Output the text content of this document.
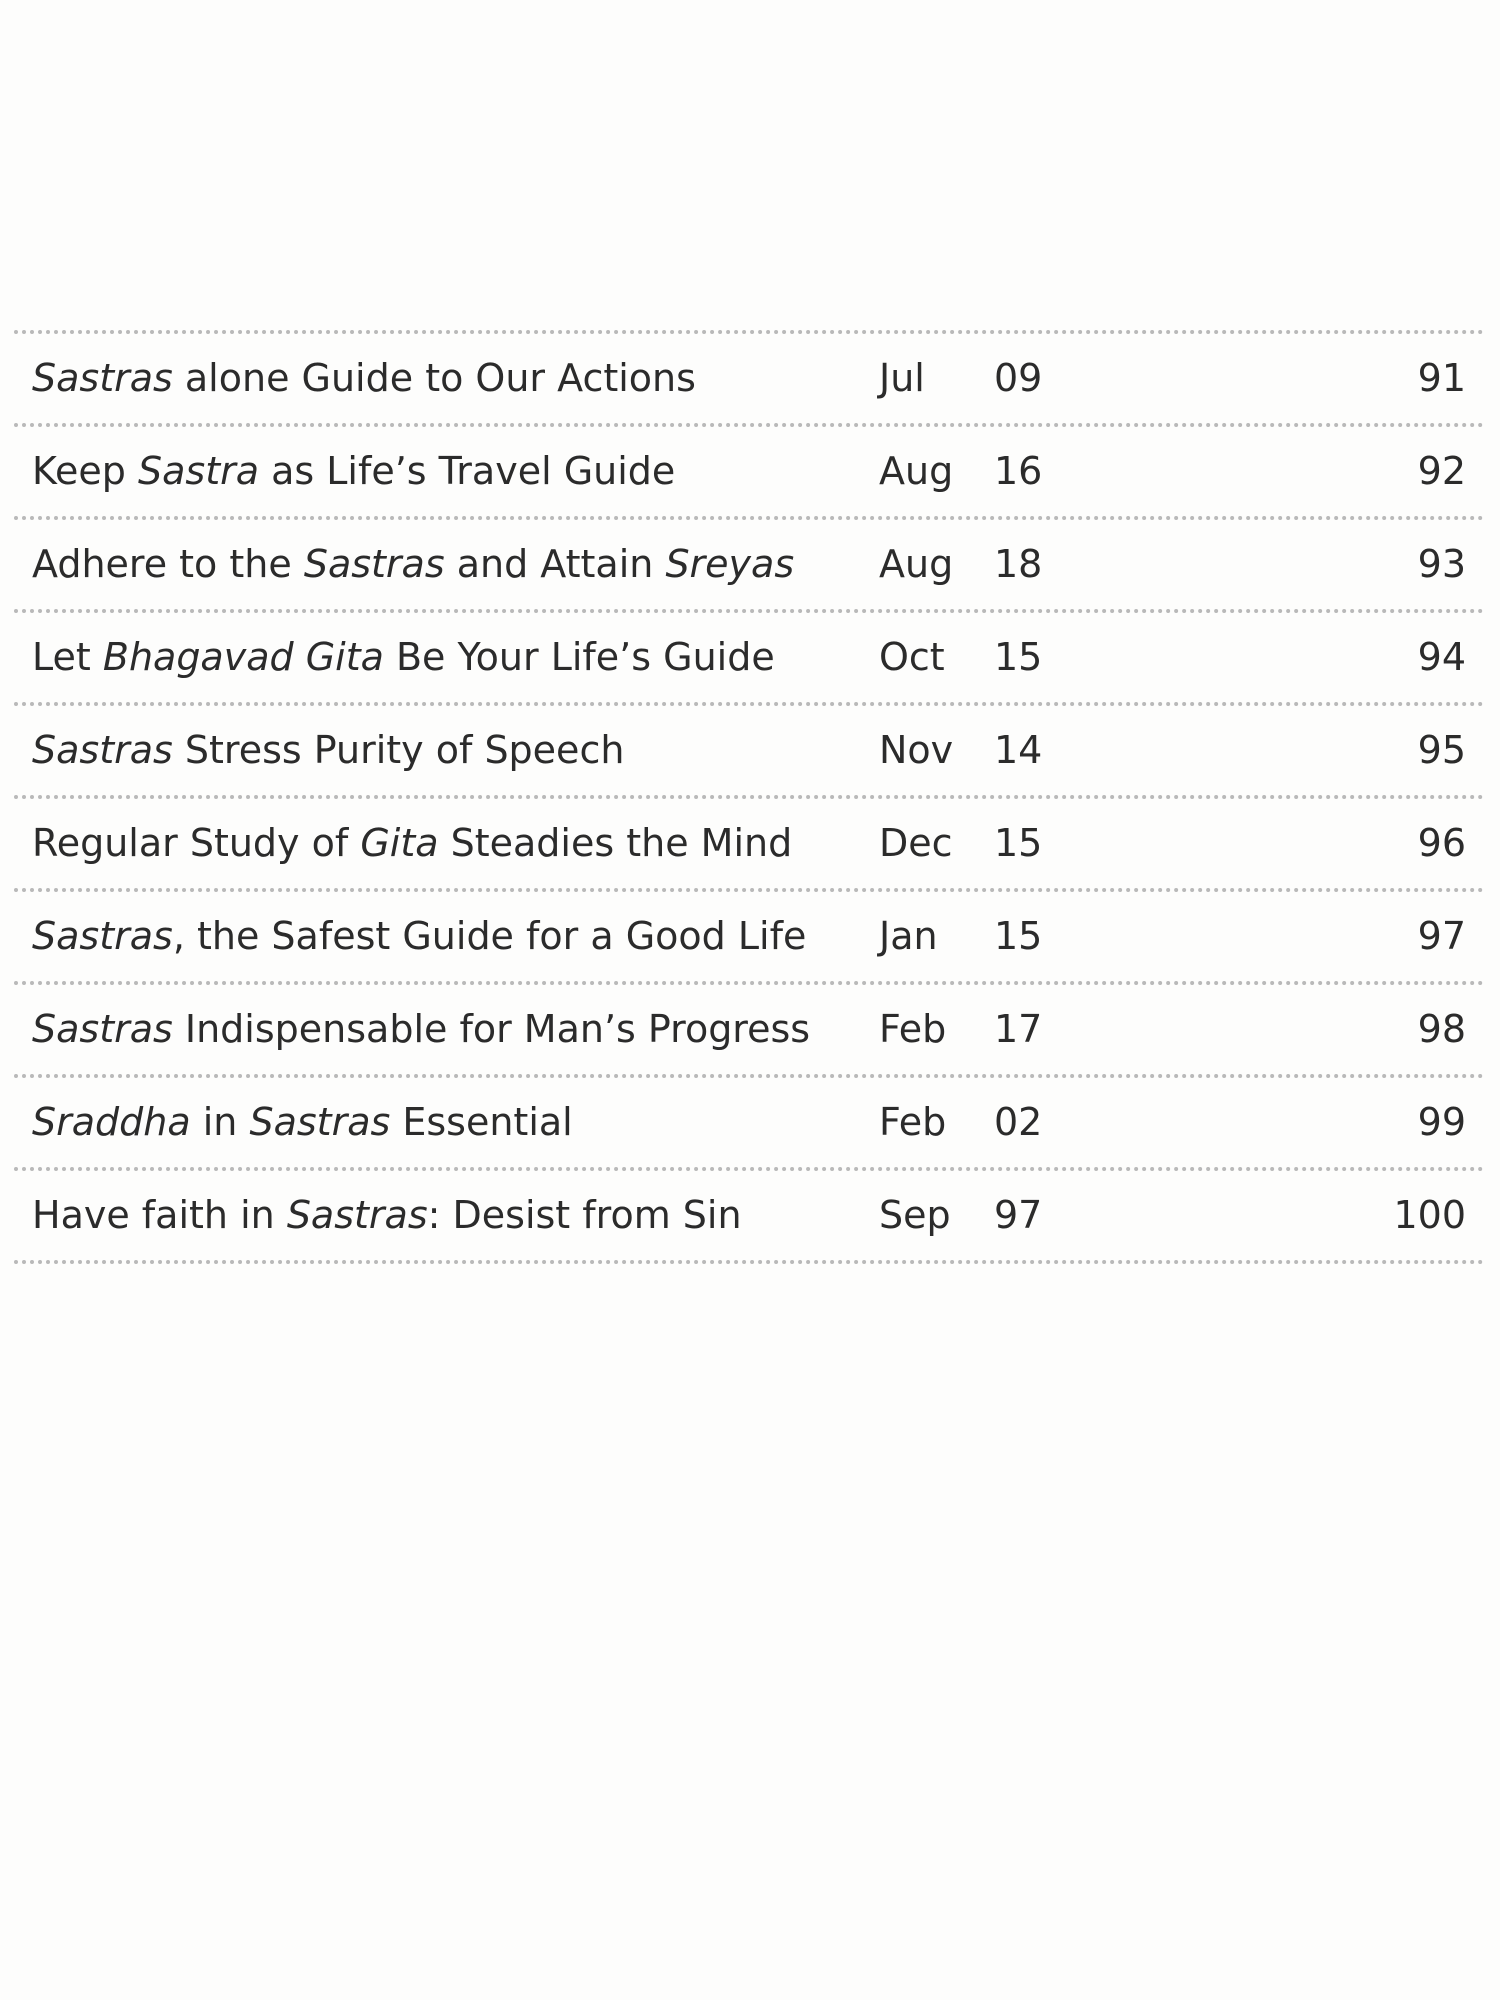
Sastras alone Guide to Our Actions	Jul 09	91
Keep Sastra as Life’s Travel Guide	Aug 16	92
Adhere to the Sastras and Attain Sreyas Aug 18	93
Let Bhagavad Gita Be Your Life’s Guide	Oct 15	94
Sastras Stress Purity of Speech	Nov 14	95
Regular Study of Gita Steadies the Mind Dec 15	96
Sastras, the Safest Guide for a Good Life Jan 15	97
Sastras Indispensable for Man’s Progress Feb 17	98
Sraddha in Sastras Essential	Feb 02	99
Have faith in Sastras: Desist from Sin	Sep 97	100
